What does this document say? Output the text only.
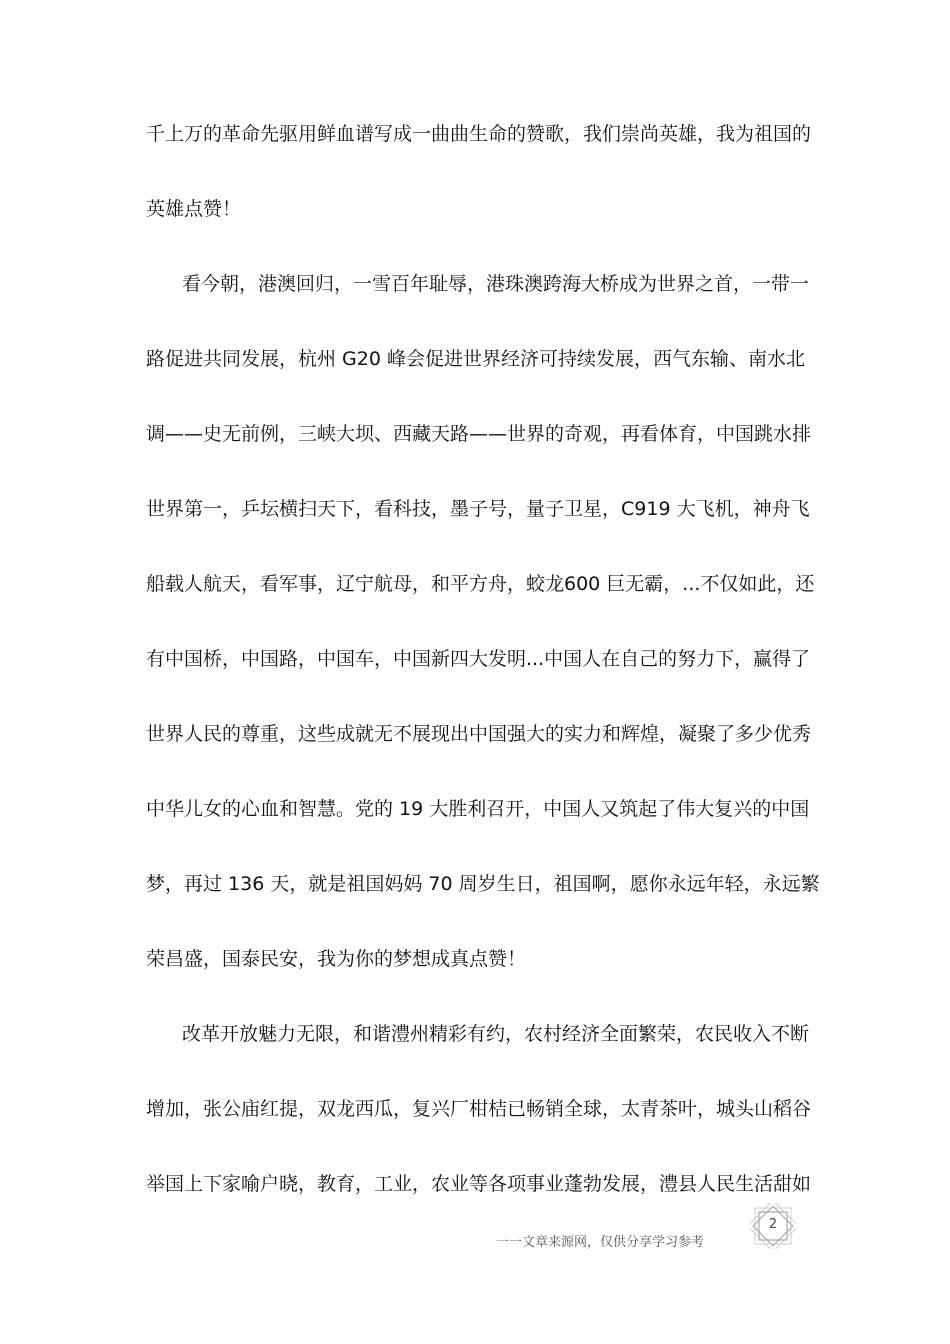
千上万的革命先驱用鲜血谱写成一曲曲生命的赞歌，我们崇尚英雄，我为祖国的
英雄点赞！
看今朝，港澳回归，一雪百年耻辱，港珠澳跨海大桥成为世界之首，一带一
路促进共同发展，杭州 G20 峰会促进世界经济可持续发展，西气东输、南水北
调——史无前例，三峡大坝、西藏天路——世界的奇观，再看体育，中国跳水排
世界第一，乒坛横扫天下，看科技，墨子号，量子卫星，C919 大飞机，神舟飞
船载人航天，看军事，辽宁航母，和平方舟，蛟龙600 巨无霸，...不仅如此，还
有中国桥，中国路，中国车，中国新四大发明...中国人在自己的努力下，赢得了
世界人民的尊重，这些成就无不展现出中国强大的实力和辉煌，凝聚了多少优秀
中华儿女的心血和智慧。党的 19 大胜利召开，中国人又筑起了伟大复兴的中国
梦，再过 136 天，就是祖国妈妈 70 周岁生日，祖国啊，愿你永远年轻，永远繁
荣昌盛，国泰民安，我为你的梦想成真点赞！
改革开放魅力无限，和谐澧州精彩有约，农村经济全面繁荣，农民收入不断
增加，张公庙红提，双龙西瓜，复兴厂柑桔已畅销全球，太青茶叶，城头山稻谷
举国上下家喻户晓，教育，工业，农业等各项事业蓬勃发展，澧县人民生活甜如
2
一一文章来源网，仅供分享学习参考
